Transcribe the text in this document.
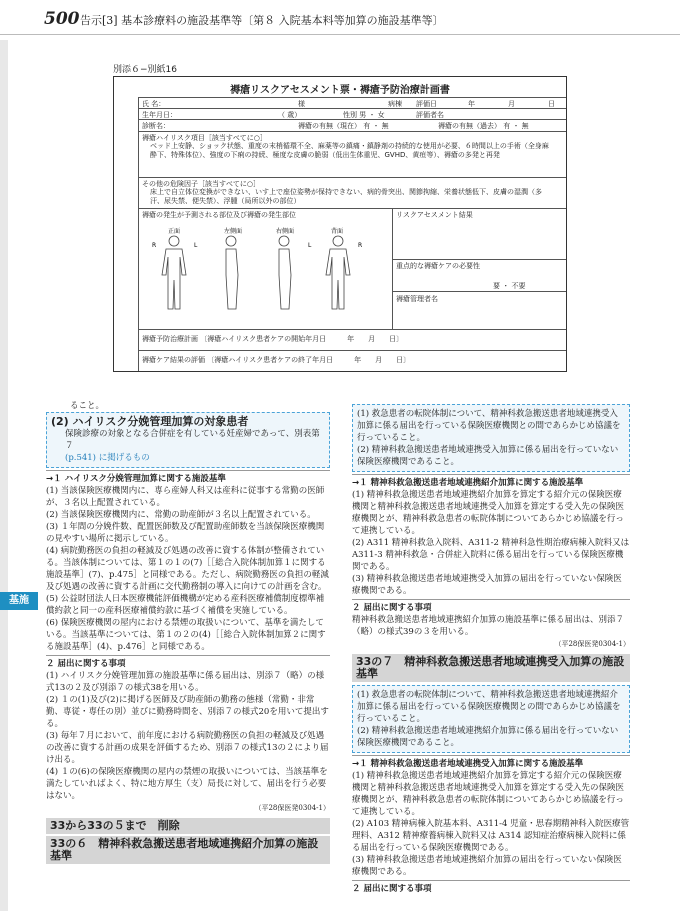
500 告示[3] 基本診療料の施設基準等〔第８ 入院基本料等加算の施設基準等〕
基施
別添６−別紙16
褥瘡リスクアセスメント票・褥瘡予防治療計画書
氏 名：	様	病棟 評価日	年	月	日
生年月日：	（ 歳）	性別 男 ・ 女	評価者名
診断名：	褥瘡の有無（現在） 有 ・ 無	褥瘡の有無（過去） 有 ・ 無
褥瘡ハイリスク項目［該当すべてに○］
ベッド上安静、ショック状態、重度の末梢循環不全、麻薬等の鎮痛・鎮静剤の持続的な使用が必要、６時間以上の手術（全身麻酔下、特殊体位）、強度の下痢の持続、極度な皮膚の脆弱（低出生体重児、GVHD、黄疸等）、褥瘡の多発と再発
その他の危険因子［該当すべてに○］
床上で自立体位変換ができない、いす上で座位姿勢が保持できない、病的骨突出、関節拘縮、栄養状態低下、皮膚の湿潤（多汗、尿失禁、便失禁）、浮腫（局所以外の部位）
褥瘡の発生が予測される部位及び褥瘡の発生部位	リスクアセスメント結果
重点的な褥瘡ケアの必要性
要 ・ 不要
褥瘡管理者名
正面	左側面	右側面	背面
R	L	L	R
褥瘡予防治療計画 〔褥瘡ハイリスク患者ケアの開始年月日　　　年　　月　　日〕
褥瘡ケア結果の評価 〔褥瘡ハイリスク患者ケアの終了年月日　　　年　　月　　日〕

ること。

(2) ハイリスク分娩管理加算の対象患者

保険診療の対象となる合併症を有している妊産婦であって、別表第７

(p.541) に掲げるもの

→１ ハイリスク分娩管理加算に関する施設基準

(1) 当該保険医療機関内に、専ら産婦人科又は産科に従事する常勤の医師が、３名以上配置されている。

(2) 当該保険医療機関内に、常勤の助産師が３名以上配置されている。

(3) １年間の分娩件数、配置医師数及び配置助産師数を当該保険医療機関の見やすい場所に掲示している。

(4) 病院勤務医の負担の軽減及び処遇の改善に資する体制が整備されている。当該体制については、第１の１の(7)［［総合入院体制加算１に関する施設基準］(7)、p.475］と同様である。ただし、病院勤務医の負担の軽減及び処遇の改善に資する計画に交代勤務制の導入に向けての計画を含む。

(5) 公益財団法人日本医療機能評価機構が定める産科医療補償制度標準補償約款と同一の産科医療補償約款に基づく補償を実施している。

(6) 保険医療機関の屋内における禁煙の取扱いについて、基準を満たしている。当該基準については、第１の２の(4)［［総合入院体制加算２に関する施設基準］(4)、p.476］と同様である。

２ 届出に関する事項

(1) ハイリスク分娩管理加算の施設基準に係る届出は、別添７（略）の様式13の２及び別添７の様式38を用いる。

(2) １の(1)及び(2)に掲げる医師及び助産師の勤務の態様（常勤・非常勤、専従・専任の別）並びに勤務時間を、別添７の様式20を用いて提出する。

(3) 毎年７月において、前年度における病院勤務医の負担の軽減及び処遇の改善に資する計画の成果を評価するため、別添７の様式13の２により届け出る。

(4) １の(6)の保険医療機関の屋内の禁煙の取扱いについては、当該基準を満たしていればよく、特に地方厚生（支）局長に対して、届出を行う必要はない。

（平28保医発0304-1）

33から33の５まで　削除
33の６　精神科救急搬送患者地域連携紹介加算の施設基準

(1) 救急患者の転院体制について、精神科救急搬送患者地域連携受入加算に係る届出を行っている保険医療機関との間であらかじめ協議を行っていること。

(2) 精神科救急搬送患者地域連携受入加算に係る届出を行っていない保険医療機関であること。

→１ 精神科救急搬送患者地域連携紹介加算に関する施設基準

(1) 精神科救急搬送患者地域連携紹介加算を算定する紹介元の保険医療機関と精神科救急搬送患者地域連携受入加算を算定する受入先の保険医療機関とが、精神科救急患者の転院体制についてあらかじめ協議を行って連携している。

(2) A311 精神科救急入院料、A311-2 精神科急性期治療病棟入院料又は A311-3 精神科救急・合併症入院料に係る届出を行っている保険医療機関である。

(3) 精神科救急搬送患者地域連携受入加算の届出を行っていない保険医療機関である。

２ 届出に関する事項

精神科救急搬送患者地域連携紹介加算の施設基準に係る届出は、別添７（略）の様式39の３を用いる。

（平28保医発0304-1）

33の７　精神科救急搬送患者地域連携受入加算の施設基準

(1) 救急患者の転院体制について、精神科救急搬送患者地域連携紹介加算に係る届出を行っている保険医療機関との間であらかじめ協議を行っていること。

(2) 精神科救急搬送患者地域連携紹介加算に係る届出を行っていない保険医療機関であること。

→１ 精神科救急搬送患者地域連携受入加算に関する施設基準

(1) 精神科救急搬送患者地域連携紹介加算を算定する紹介元の保険医療機関と精神科救急搬送患者地域連携受入加算を算定する受入先の保険医療機関とが、精神科救急患者の転院体制についてあらかじめ協議を行って連携している。

(2) A103 精神病棟入院基本料、A311-4 児童・思春期精神科入院医療管理料、A312 精神療養病棟入院料又は A314 認知症治療病棟入院料に係る届出を行っている保険医療機関である。

(3) 精神科救急搬送患者地域連携紹介加算の届出を行っていない保険医療機関である。

２ 届出に関する事項
